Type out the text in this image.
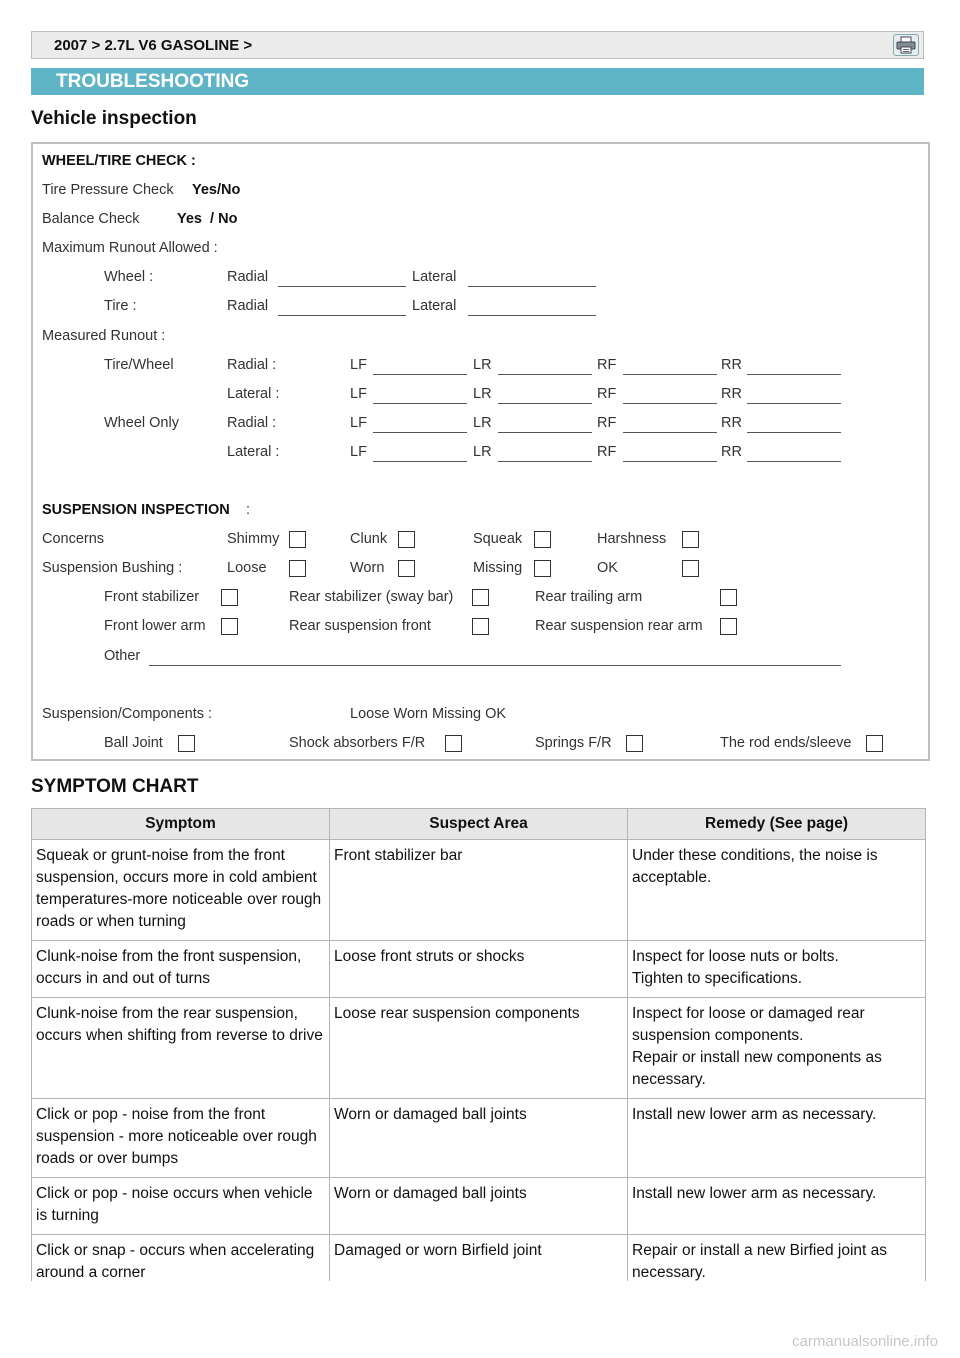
2007 > 2.7L V6 GASOLINE >
TROUBLESHOOTING
Vehicle inspection
WHEEL/TIRE CHECK :
Tire Pressure Check Yes/No
Balance Check	Yes  / No
Maximum Runout Allowed :
Wheel :	Radial	Lateral
Tire :	Radial	Lateral
Measured Runout :
Tire/Wheel	Radial :	LF	LR	RF	RR
Lateral :	LF	LR	RF	RR
Wheel Only	Radial :	LF	LR	RF	RR
Lateral :	LF	LR	RF	RR
SUSPENSION INSPECTION :
Concerns	Shimmy	Clunk	Squeak	Harshness
Suspension Bushing :	Loose	Worn	Missing	OK
Front stabilizer	Rear stabilizer (sway bar)	Rear trailing arm
Front lower arm	Rear suspension front	Rear suspension rear arm
Other
Suspension/Components :	Loose Worn Missing OK
Ball Joint	Shock absorbers F/R	Springs F/R	The rod ends/sleeve
SYMPTOM CHART
Symptom	Suspect Area	Remedy (See page)
Squeak or grunt-noise from the front suspension, occurs more in cold ambient temperatures-more noticeable over rough roads or when turning	Front stabilizer bar	Under these conditions, the noise is acceptable.
Clunk-noise from the front suspension, occurs in and out of turns	Loose front struts or shocks	Inspect for loose nuts or bolts.
Tighten to specifications.
Clunk-noise from the rear suspension, occurs when shifting from reverse to drive	Loose rear suspension components	Inspect for loose or damaged rear suspension components.
Repair or install new components as necessary.
Click or pop - noise from the front suspension - more noticeable over rough roads or over bumps	Worn or damaged ball joints	Install new lower arm as necessary.
Click or pop - noise occurs when vehicle is turning	Worn or damaged ball joints	Install new lower arm as necessary.
Click or snap - occurs when accelerating around a corner	Damaged or worn Birfield joint	Repair or install a new Birfied joint as necessary.
carmanualsonline.info
